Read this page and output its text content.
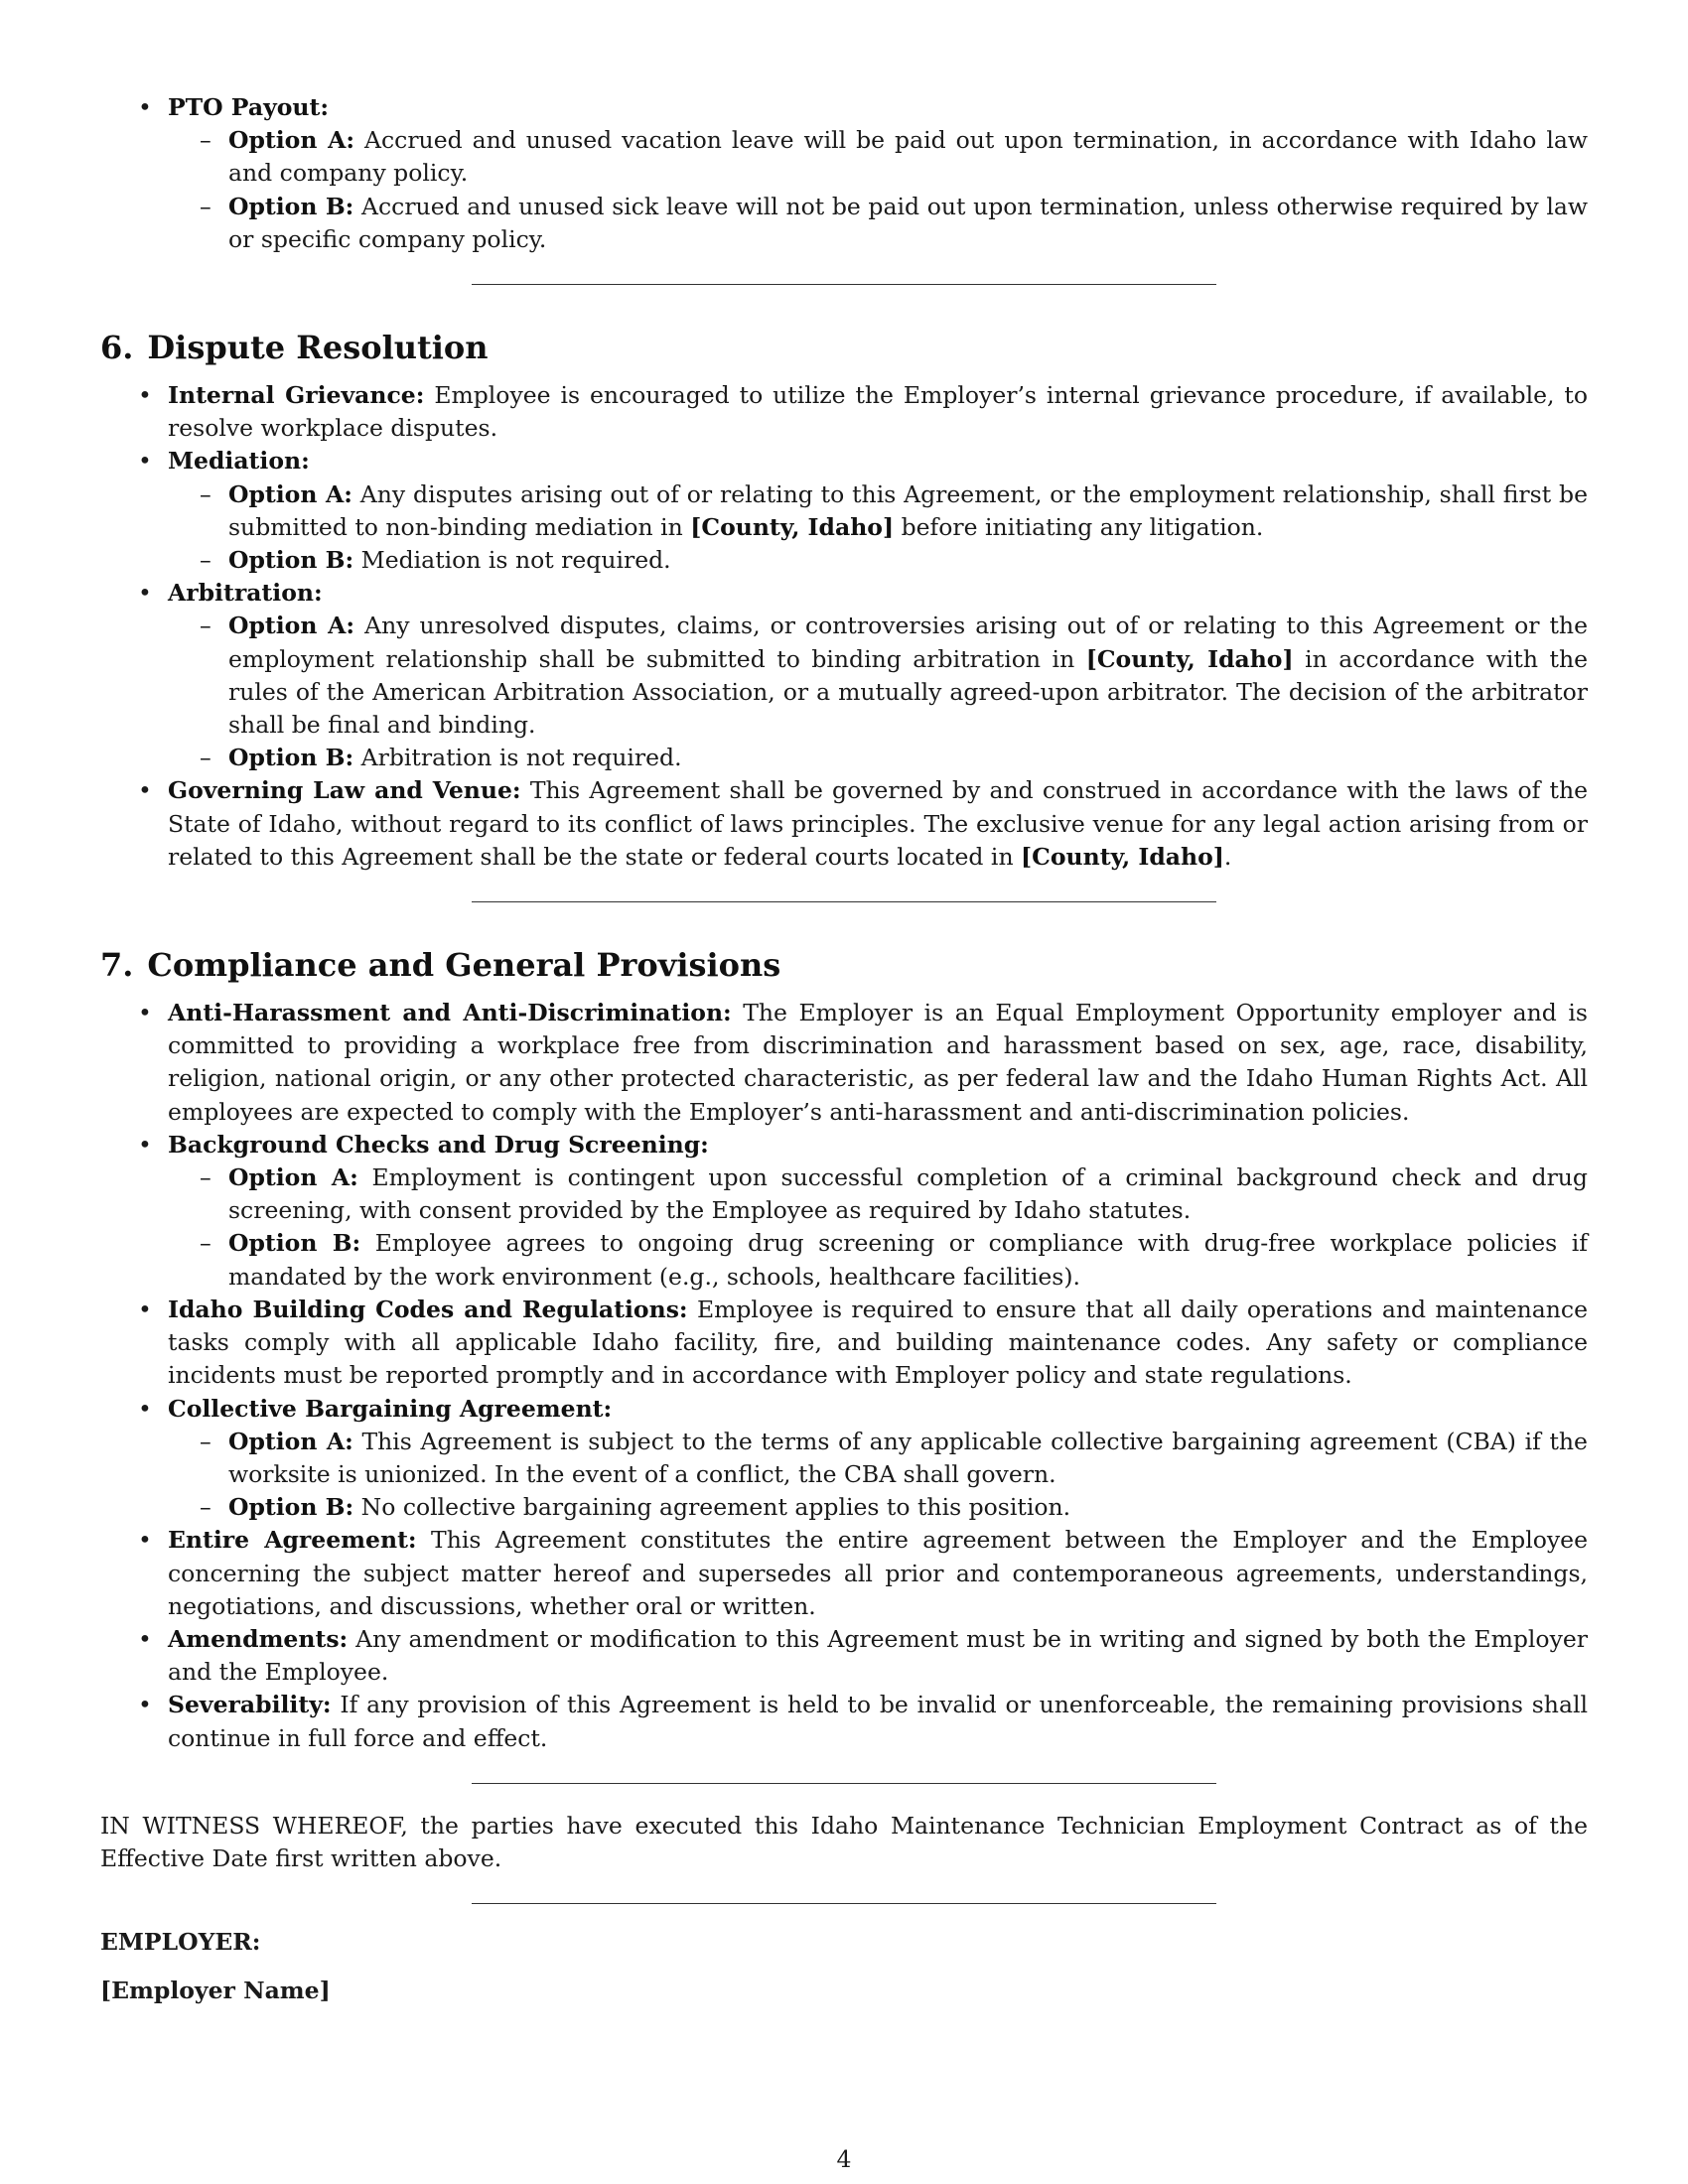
• PTO Payout:
– Option A: Accrued and unused vacation leave will be paid out upon termination, in accordance with Idaho law and company policy.
– Option B: Accrued and unused sick leave will not be paid out upon termination, unless otherwise required by law or specific company policy.
6. Dispute Resolution
• Internal Grievance: Employee is encouraged to utilize the Employer’s internal grievance procedure, if available, to resolve workplace disputes.
• Mediation:
– Option A: Any disputes arising out of or relating to this Agreement, or the employment relationship, shall first be submitted to non-binding mediation in [County, Idaho] before initiating any litigation.
– Option B: Mediation is not required.
• Arbitration:
– Option A: Any unresolved disputes, claims, or controversies arising out of or relating to this Agreement or the employment relationship shall be submitted to binding arbitration in [County, Idaho] in accordance with the rules of the American Arbitration Association, or a mutually agreed-upon arbitrator. The decision of the arbitrator shall be final and binding.
– Option B: Arbitration is not required.
• Governing Law and Venue: This Agreement shall be governed by and construed in accordance with the laws of the State of Idaho, without regard to its conflict of laws principles. The exclusive venue for any legal action arising from or related to this Agreement shall be the state or federal courts located in [County, Idaho].
7. Compliance and General Provisions
• Anti-Harassment and Anti-Discrimination: The Employer is an Equal Employment Opportunity employer and is committed to providing a workplace free from discrimination and harassment based on sex, age, race, disability, religion, national origin, or any other protected characteristic, as per federal law and the Idaho Human Rights Act. All employees are expected to comply with the Employer’s anti-harassment and anti-discrimination policies.
• Background Checks and Drug Screening:
– Option A: Employment is contingent upon successful completion of a criminal background check and drug screening, with consent provided by the Employee as required by Idaho statutes.
– Option B: Employee agrees to ongoing drug screening or compliance with drug-free workplace policies if mandated by the work environment (e.g., schools, healthcare facilities).
• Idaho Building Codes and Regulations: Employee is required to ensure that all daily operations and maintenance tasks comply with all applicable Idaho facility, fire, and building maintenance codes. Any safety or compliance incidents must be reported promptly and in accordance with Employer policy and state regulations.
• Collective Bargaining Agreement:
– Option A: This Agreement is subject to the terms of any applicable collective bargaining agreement (CBA) if the worksite is unionized. In the event of a conflict, the CBA shall govern.
– Option B: No collective bargaining agreement applies to this position.
• Entire Agreement: This Agreement constitutes the entire agreement between the Employer and the Employee concerning the subject matter hereof and supersedes all prior and contemporaneous agreements, understandings, negotiations, and discussions, whether oral or written.
• Amendments: Any amendment or modification to this Agreement must be in writing and signed by both the Employer and the Employee.
• Severability: If any provision of this Agreement is held to be invalid or unenforceable, the remaining provisions shall continue in full force and effect.

IN WITNESS WHEREOF, the parties have executed this Idaho Maintenance Technician Employment Contract as of the Effective Date first written above.

EMPLOYER:

[Employer Name]

4
